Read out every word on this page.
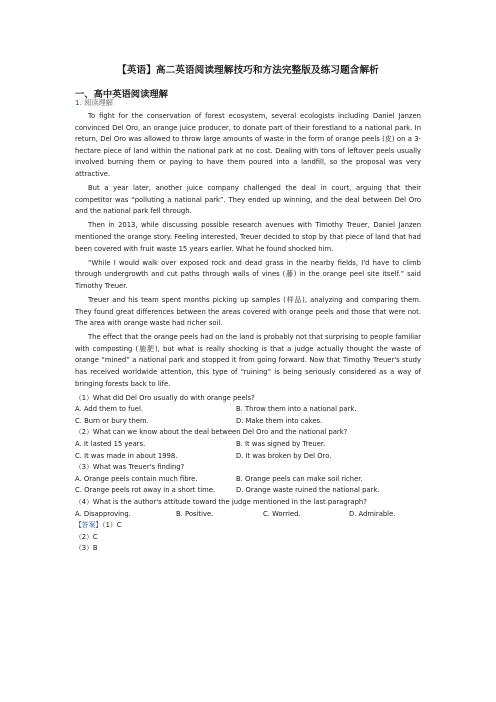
【英语】高二英语阅读理解技巧和方法完整版及练习题含解析
一、高中英语阅读理解
1. 阅读理解

To fight for the conservation of forest ecosystem, several ecologists including Daniel Janzen convinced Del Oro, an orange juice producer, to donate part of their forestland to a national park. In return, Del Oro was allowed to throw large amounts of waste in the form of orange peels (皮) on a 3-hectare piece of land within the national park at no cost. Dealing with tons of leftover peels usually involved burning them or paying to have them poured into a landfill, so the proposal was very attractive.

But a year later, another juice company challenged the deal in court, arguing that their competitor was “polluting a national park”. They ended up winning, and the deal between Del Oro and the national park fell through.

Then in 2013, while discussing possible research avenues with Timothy Treuer, Daniel Janzen mentioned the orange story. Feeling interested, Treuer decided to stop by that piece of land that had been covered with fruit waste 15 years earlier. What he found shocked him.

“While I would walk over exposed rock and dead grass in the nearby fields, I'd have to climb through undergrowth and cut paths through walls of vines (藤) in the orange peel site itself.” said Timothy Treuer.

Treuer and his team spent months picking up samples (样品), analyzing and comparing them. They found great differences between the areas covered with orange peels and those that were not. The area with orange waste had richer soil.

The effect that the orange peels had on the land is probably not that surprising to people familiar with composting (施肥), but what is really shocking is that a judge actually thought the waste of orange “mined” a national park and stopped it from going forward. Now that Timothy Treuer's study has received worldwide attention, this type of “ruining” is being seriously considered as a way of bringing forests back to life.

（1）What did Del Oro usually do with orange peels?

A. Add them to fuel.	B. Throw them into a national park.
C. Burn or bury them.	D. Make them into cakes.

（2）What can we know about the deal between Del Oro and the national park?

A. It lasted 15 years.	B. It was signed by Treuer.
C. It was made in about 1998.	D. It was broken by Del Oro.

（3）What was Treuer's finding?

A. Orange peels contain much fibre.	B. Orange peels can make soil richer.
C. Orange peels rot away in a short time.	D. Orange waste ruined the national park.

（4）What is the author's attitude toward the judge mentioned in the last paragraph?

A. Disapproving.	B. Positive.	C. Worried.	D. Admirable.

【答案】（1）C

（2）C

（3）B
